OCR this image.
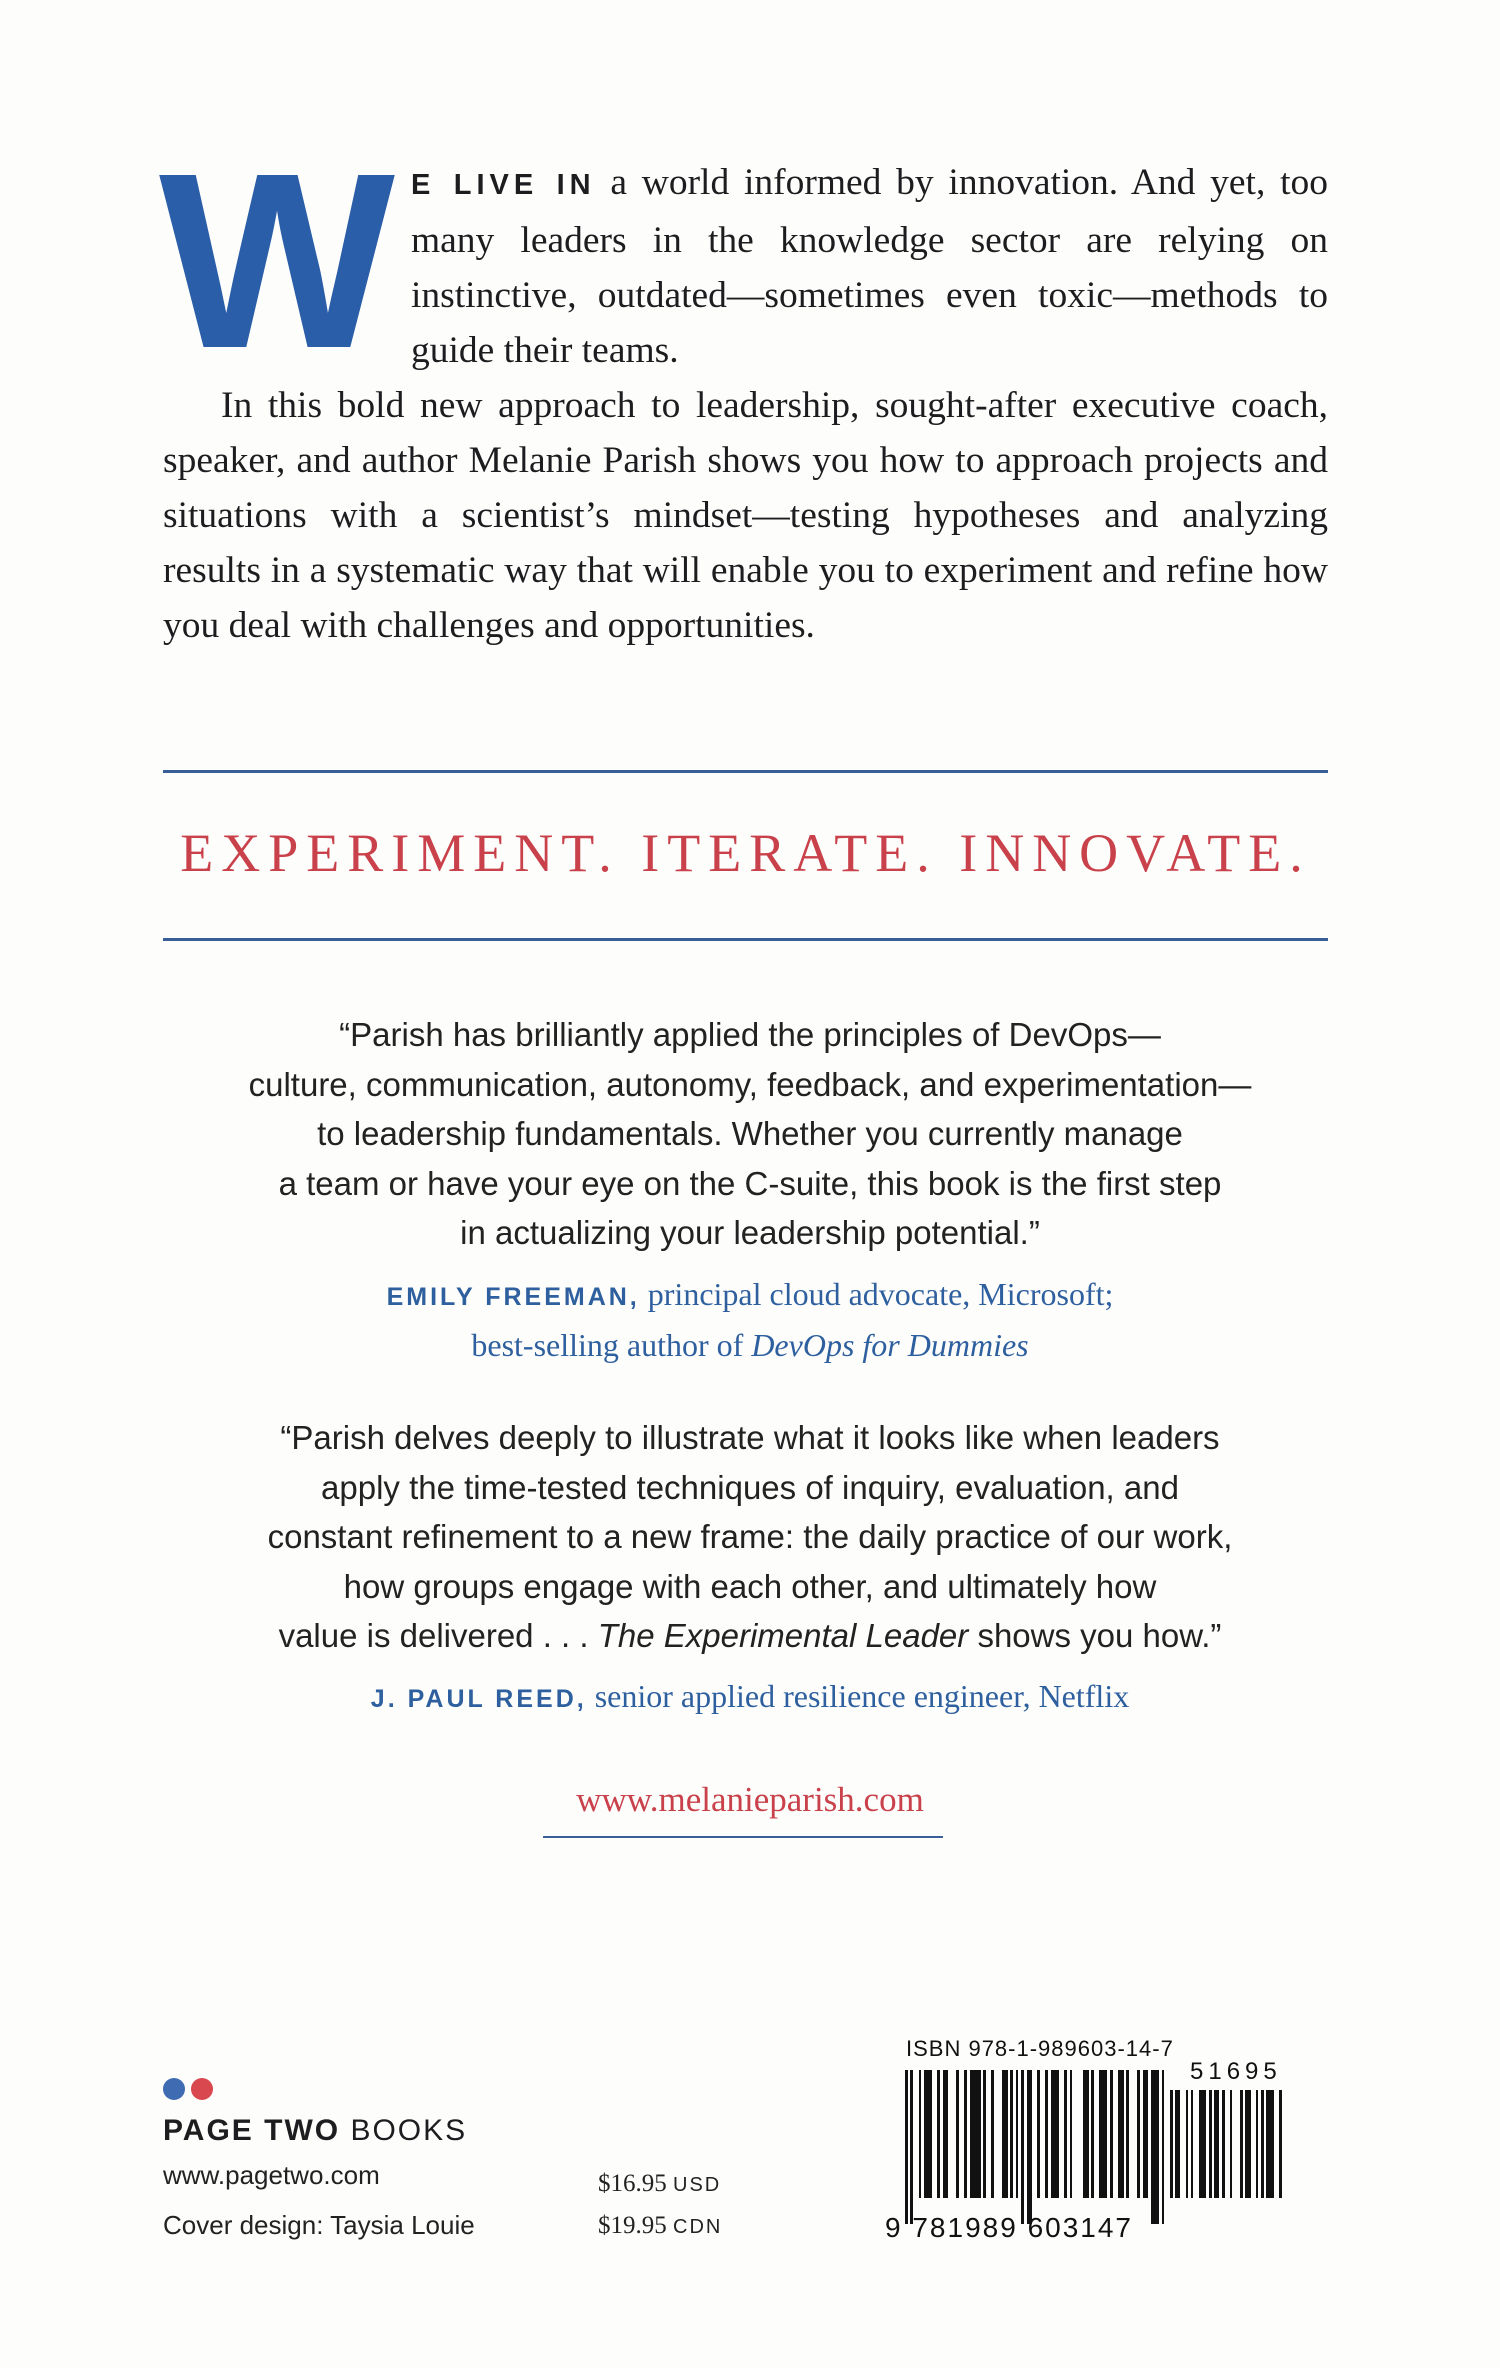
W E LIVE IN a world informed by innovation. And yet, too many leaders in the knowledge sector are relying on instinctive, outdated—sometimes even toxic—methods to guide their teams.

In this bold new approach to leadership, sought-after executive coach, speaker, and author Melanie Parish shows you how to approach projects and situations with a scientist’s mindset—testing hypotheses and analyzing results in a systematic way that will enable you to experiment and refine how you deal with challenges and opportunities.

EXPERIMENT. ITERATE. INNOVATE.
“Parish has brilliantly applied the principles of DevOps—
culture, communication, autonomy, feedback, and experimentation—
to leadership fundamentals. Whether you currently manage
a team or have your eye on the C-suite, this book is the first step
in actualizing your leadership potential.”
EMILY FREEMAN, principal cloud advocate, Microsoft;
best-selling author of DevOps for Dummies
“Parish delves deeply to illustrate what it looks like when leaders
apply the time-tested techniques of inquiry, evaluation, and
constant refinement to a new frame: the daily practice of our work,
how groups engage with each other, and ultimately how
value is delivered . . . The Experimental Leader shows you how.”
J. PAUL REED, senior applied resilience engineer, Netflix
www.melanieparish.com
PAGE TWO BOOKS
www.pagetwo.com
Cover design: Taysia Louie
$16.95 USD
$19.95 CDN
ISBN 978-1-989603-14-7
51695
9 781989 603147
